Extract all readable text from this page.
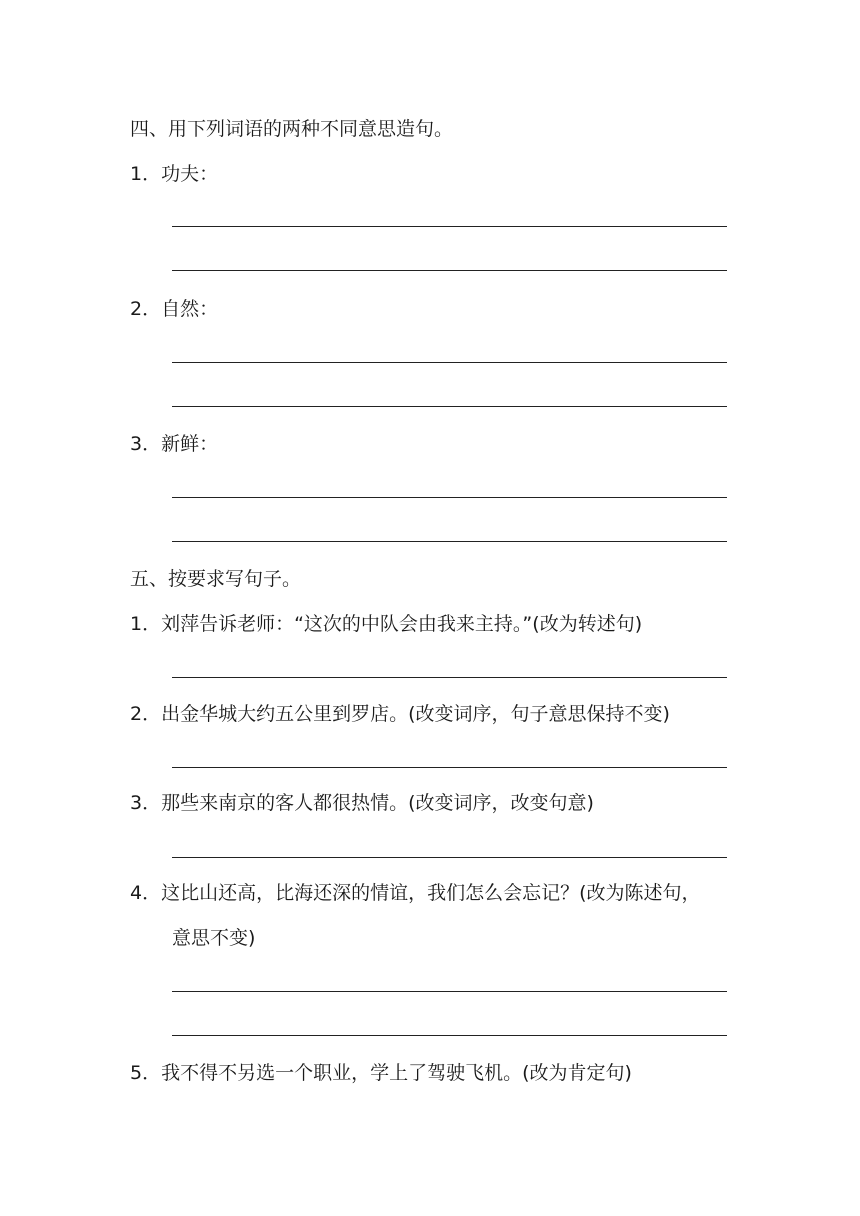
四、用下列词语的两种不同意思造句。
1．功夫：
2．自然：
3．新鲜：
五、按要求写句子。
1．刘萍告诉老师：“这次的中队会由我来主持。”(改为转述句)
2．出金华城大约五公里到罗店。(改变词序，句子意思保持不变)
3．那些来南京的客人都很热情。(改变词序，改变句意)
4．这比山还高，比海还深的情谊，我们怎么会忘记？(改为陈述句，
意思不变)
5．我不得不另选一个职业，学上了驾驶飞机。(改为肯定句)
